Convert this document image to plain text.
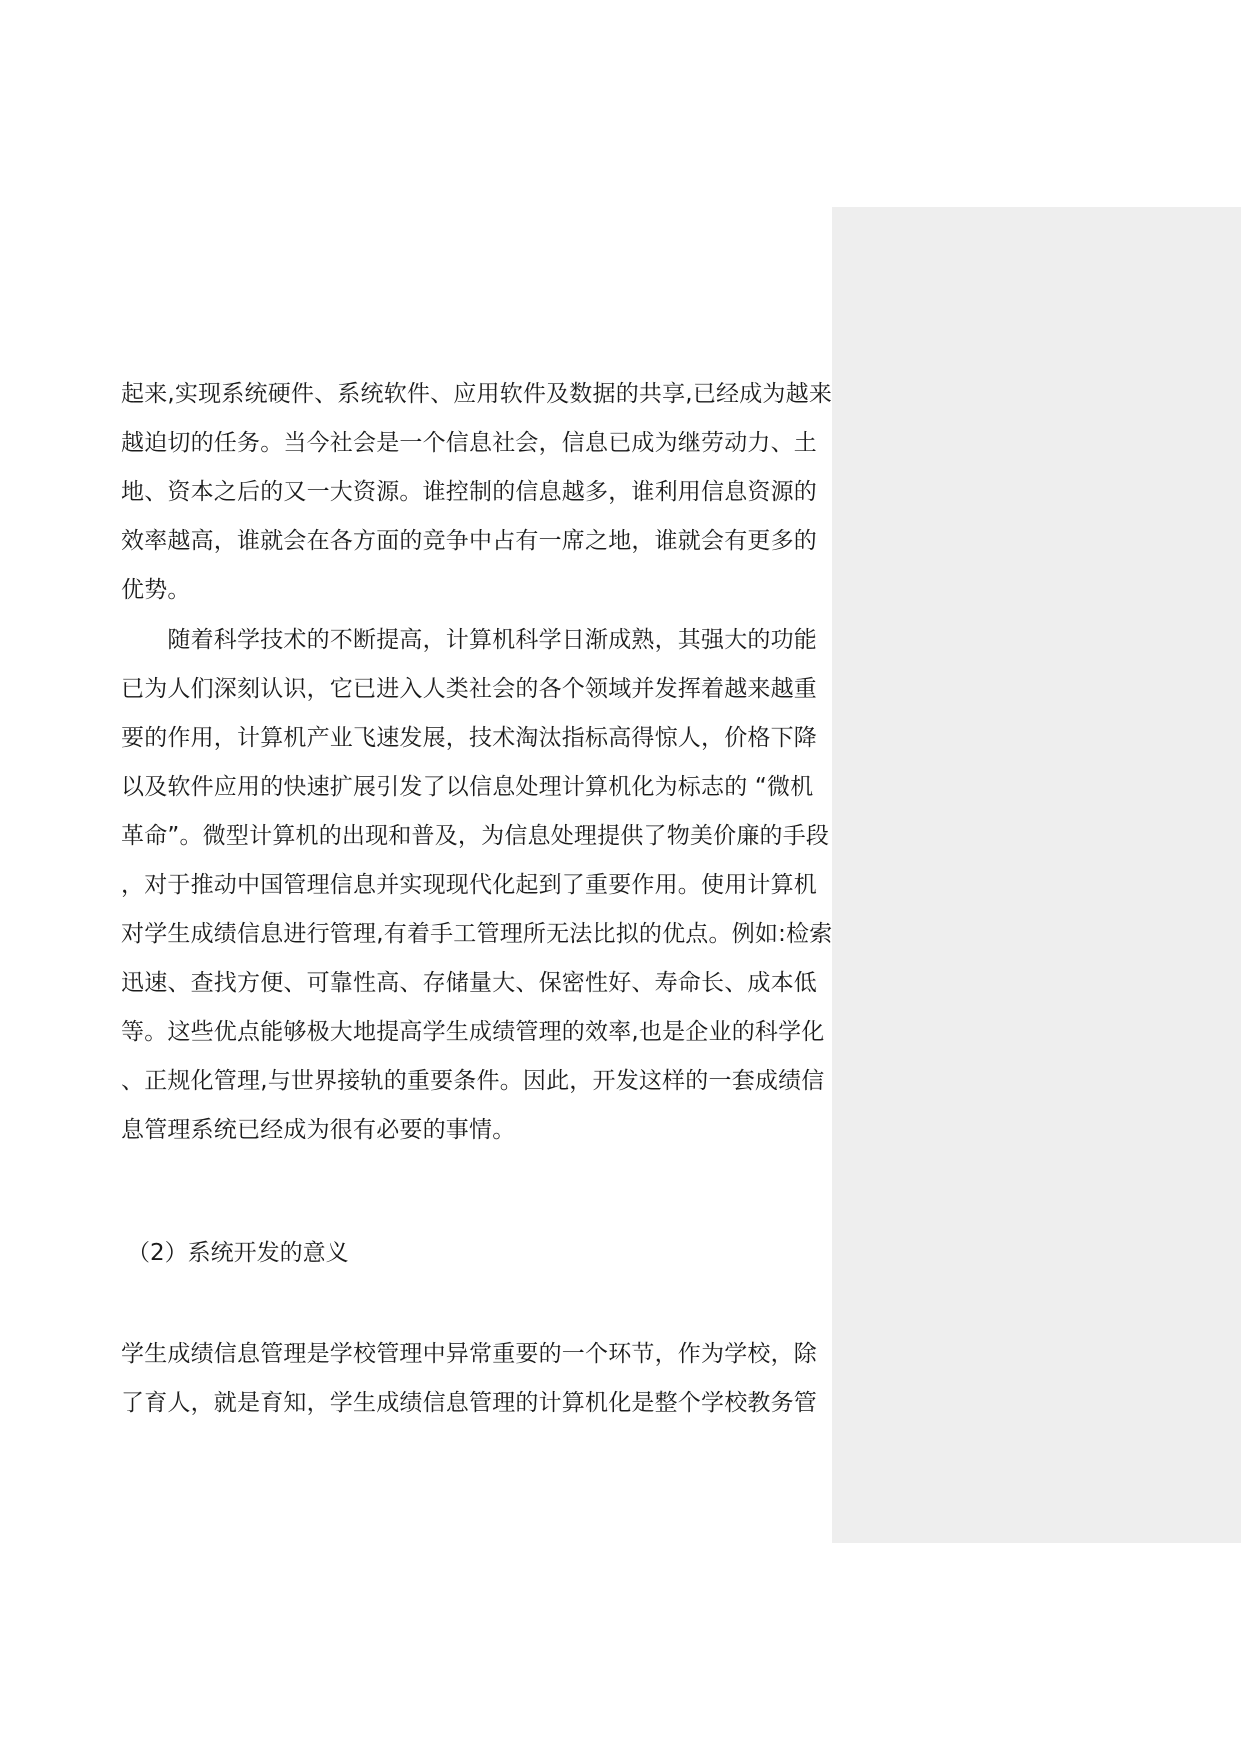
起来,实现系统硬件、系统软件、应用软件及数据的共享,已经成为越来
越迫切的任务。当今社会是一个信息社会，信息已成为继劳动力、土
地、资本之后的又一大资源。谁控制的信息越多，谁利用信息资源的
效率越高，谁就会在各方面的竞争中占有一席之地，谁就会有更多的
优势。
　　随着科学技术的不断提高，计算机科学日渐成熟，其强大的功能
已为人们深刻认识，它已进入人类社会的各个领域并发挥着越来越重
要的作用，计算机产业飞速发展，技术淘汰指标高得惊人，价格下降
以及软件应用的快速扩展引发了以信息处理计算机化为标志的 “微机
革命”。微型计算机的出现和普及，为信息处理提供了物美价廉的手段
，对于推动中国管理信息并实现现代化起到了重要作用。使用计算机
对学生成绩信息进行管理,有着手工管理所无法比拟的优点。例如:检索
迅速、查找方便、可靠性高、存储量大、保密性好、寿命长、成本低
等。这些优点能够极大地提高学生成绩管理的效率,也是企业的科学化
、正规化管理,与世界接轨的重要条件。因此，开发这样的一套成绩信
息管理系统已经成为很有必要的事情。
（2）系统开发的意义
学生成绩信息管理是学校管理中异常重要的一个环节，作为学校，除
了育人，就是育知，学生成绩信息管理的计算机化是整个学校教务管
